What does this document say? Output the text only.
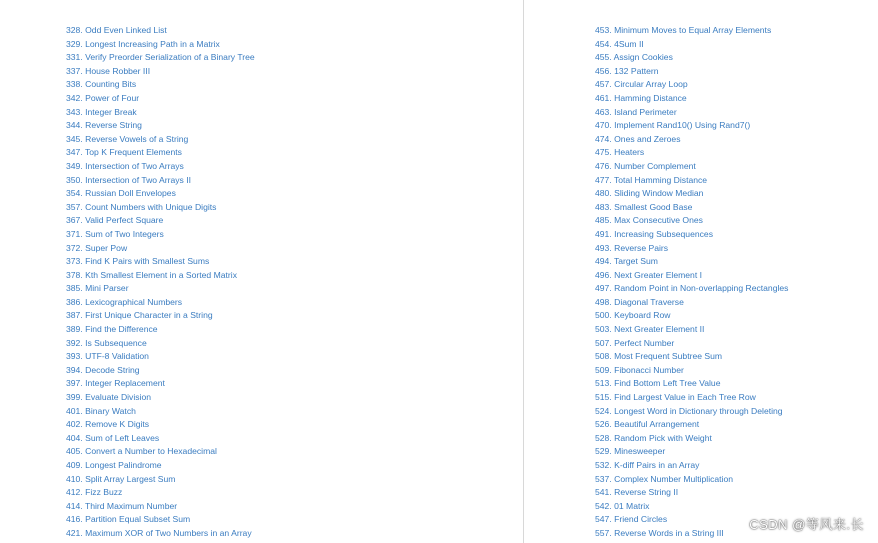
328. Odd Even Linked List
329. Longest Increasing Path in a Matrix
331. Verify Preorder Serialization of a Binary Tree
337. House Robber III
338. Counting Bits
342. Power of Four
343. Integer Break
344. Reverse String
345. Reverse Vowels of a String
347. Top K Frequent Elements
349. Intersection of Two Arrays
350. Intersection of Two Arrays II
354. Russian Doll Envelopes
357. Count Numbers with Unique Digits
367. Valid Perfect Square
371. Sum of Two Integers
372. Super Pow
373. Find K Pairs with Smallest Sums
378. Kth Smallest Element in a Sorted Matrix
385. Mini Parser
386. Lexicographical Numbers
387. First Unique Character in a String
389. Find the Difference
392. Is Subsequence
393. UTF-8 Validation
394. Decode String
397. Integer Replacement
399. Evaluate Division
401. Binary Watch
402. Remove K Digits
404. Sum of Left Leaves
405. Convert a Number to Hexadecimal
409. Longest Palindrome
410. Split Array Largest Sum
412. Fizz Buzz
414. Third Maximum Number
416. Partition Equal Subset Sum
421. Maximum XOR of Two Numbers in an Array
453. Minimum Moves to Equal Array Elements
454. 4Sum II
455. Assign Cookies
456. 132 Pattern
457. Circular Array Loop
461. Hamming Distance
463. Island Perimeter
470. Implement Rand10() Using Rand7()
474. Ones and Zeroes
475. Heaters
476. Number Complement
477. Total Hamming Distance
480. Sliding Window Median
483. Smallest Good Base
485. Max Consecutive Ones
491. Increasing Subsequences
493. Reverse Pairs
494. Target Sum
496. Next Greater Element I
497. Random Point in Non-overlapping Rectangles
498. Diagonal Traverse
500. Keyboard Row
503. Next Greater Element II
507. Perfect Number
508. Most Frequent Subtree Sum
509. Fibonacci Number
513. Find Bottom Left Tree Value
515. Find Largest Value in Each Tree Row
524. Longest Word in Dictionary through Deleting
526. Beautiful Arrangement
528. Random Pick with Weight
529. Minesweeper
532. K-diff Pairs in an Array
537. Complex Number Multiplication
541. Reverse String II
542. 01 Matrix
547. Friend Circles
557. Reverse Words in a String III
CSDN @等风来.长
